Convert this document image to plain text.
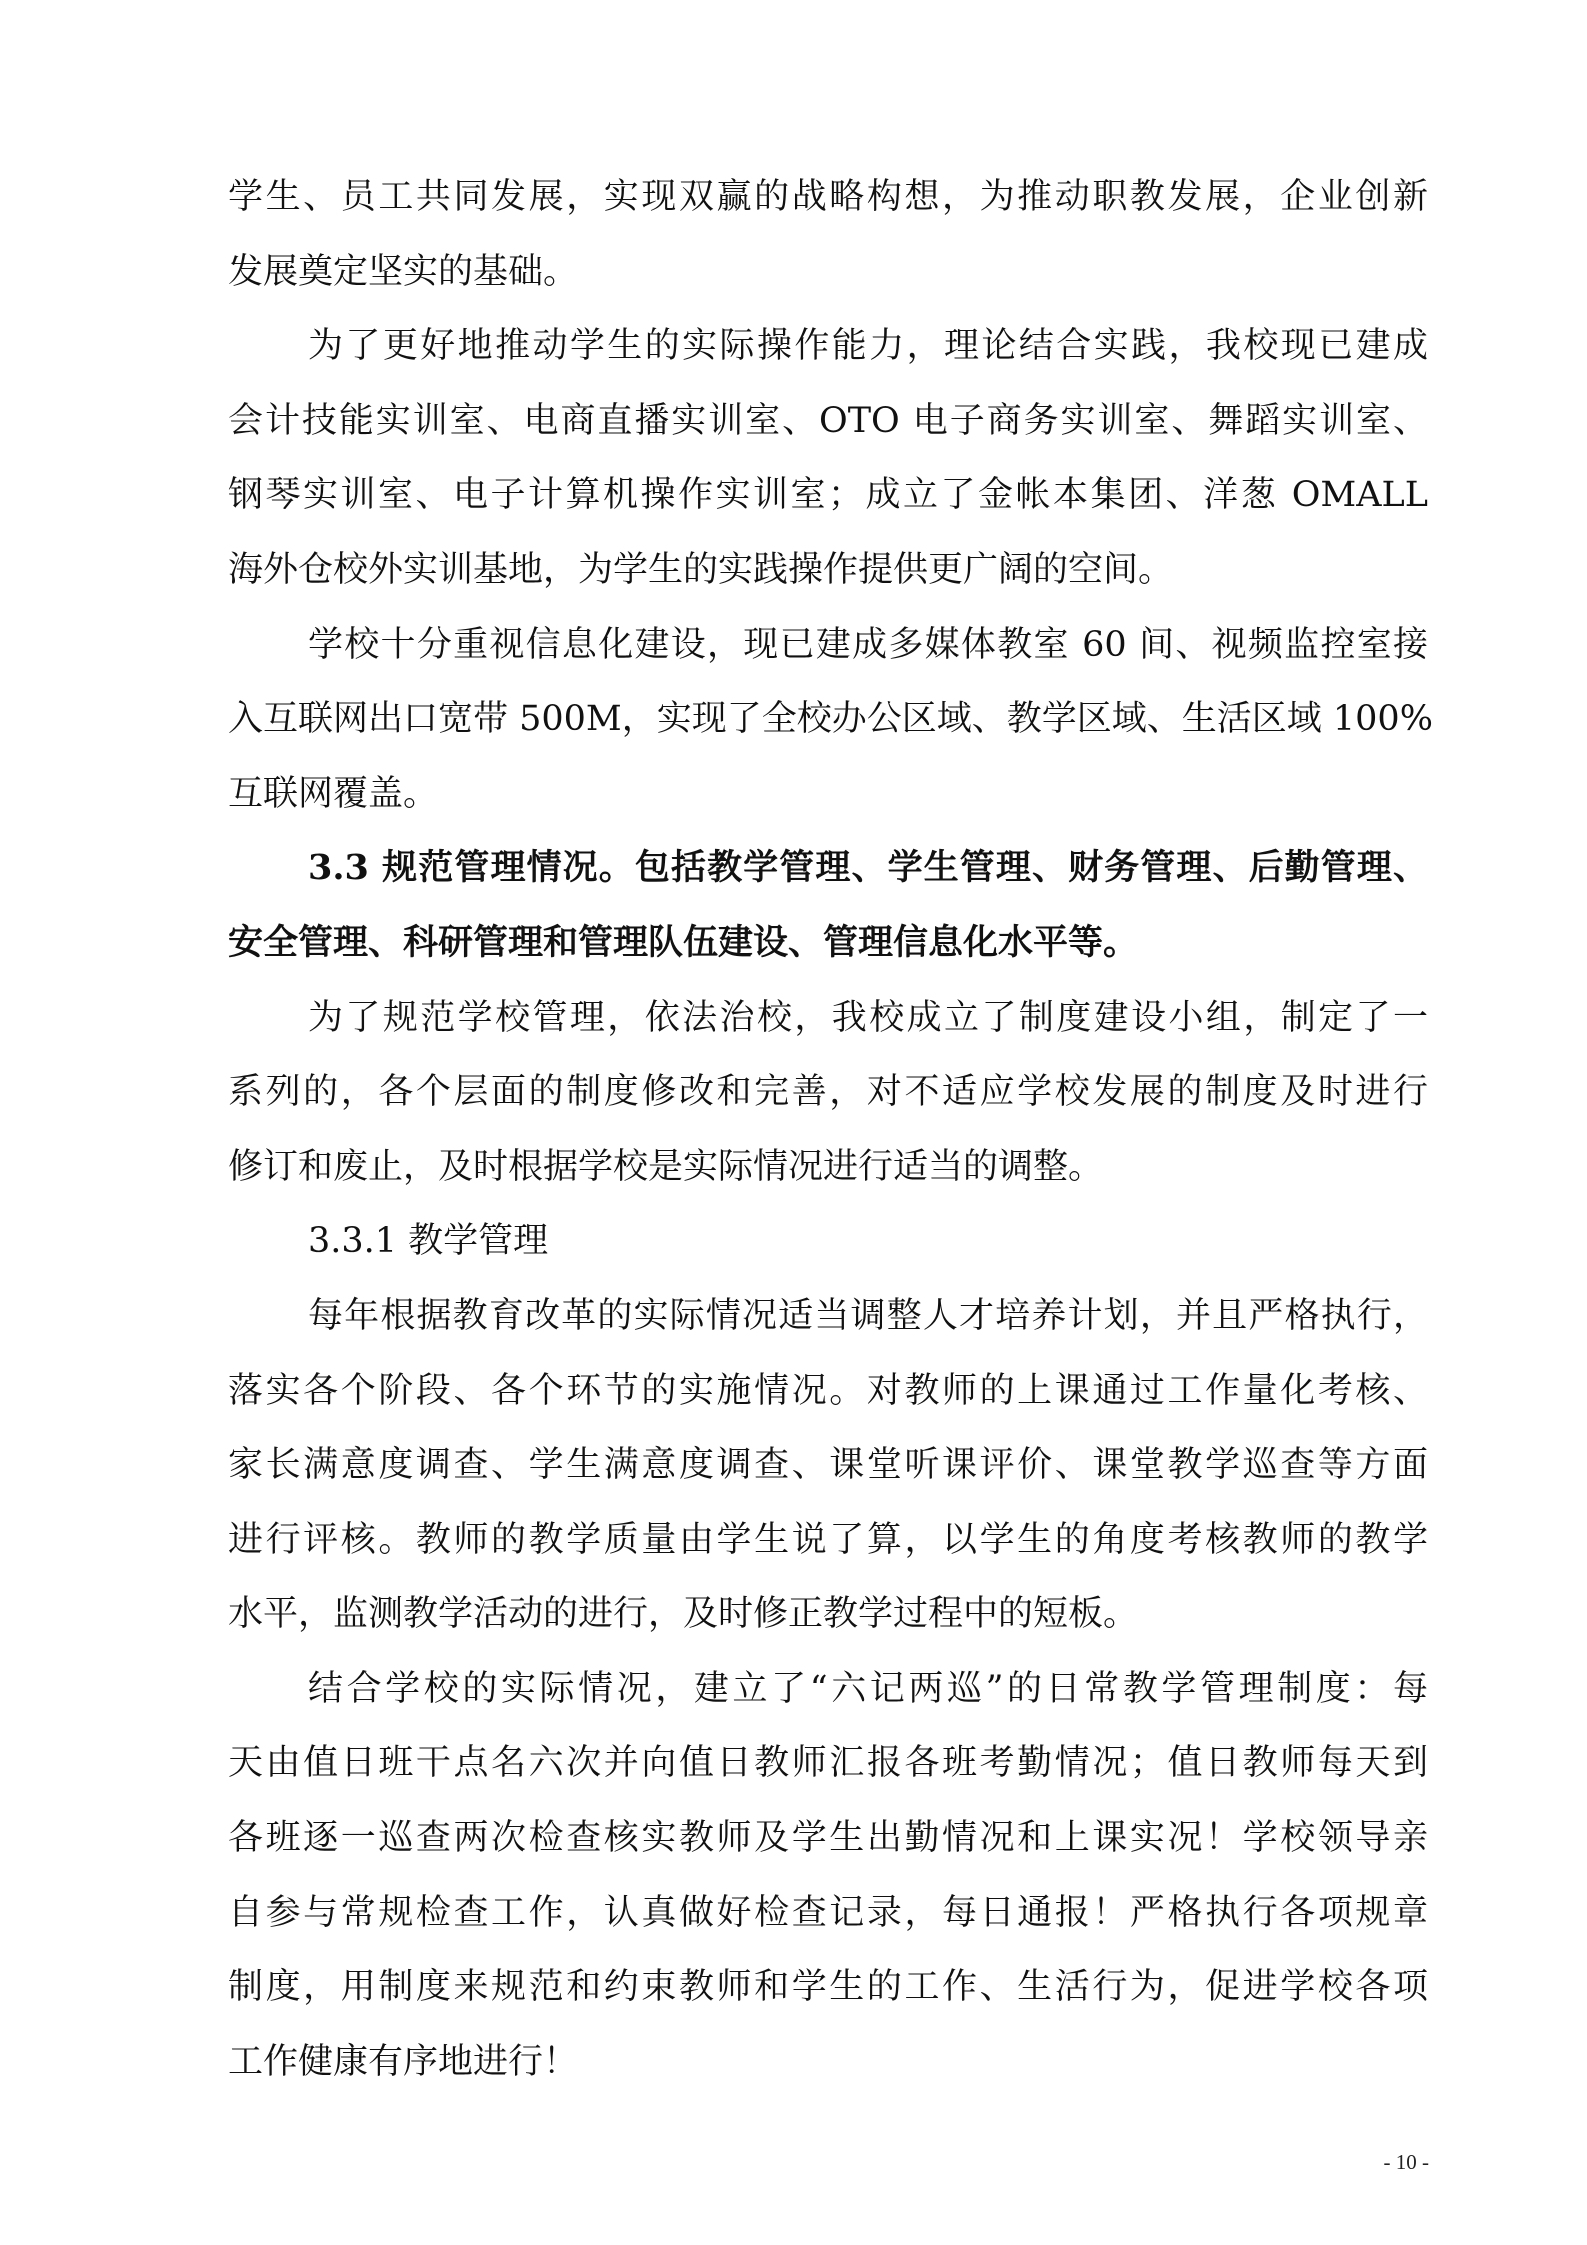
学生、员工共同发展，实现双赢的战略构想，为推动职教发展，企业创新
发展奠定坚实的基础。
为了更好地推动学生的实际操作能力，理论结合实践，我校现已建成
会计技能实训室、电商直播实训室、OTO 电子商务实训室、舞蹈实训室、
钢琴实训室、电子计算机操作实训室；成立了金帐本集团、洋葱 OMALL
海外仓校外实训基地，为学生的实践操作提供更广阔的空间。
学校十分重视信息化建设，现已建成多媒体教室 60 间、视频监控室接
入互联网出口宽带 500M，实现了全校办公区域、教学区域、生活区域 100%
互联网覆盖。
3.3 规范管理情况。包括教学管理、学生管理、财务管理、后勤管理、
安全管理、科研管理和管理队伍建设、管理信息化水平等。
为了规范学校管理，依法治校，我校成立了制度建设小组，制定了一
系列的，各个层面的制度修改和完善，对不适应学校发展的制度及时进行
修订和废止，及时根据学校是实际情况进行适当的调整。
3.3.1 教学管理
每年根据教育改革的实际情况适当调整人才培养计划，并且严格执行，
落实各个阶段、各个环节的实施情况。对教师的上课通过工作量化考核、
家长满意度调查、学生满意度调查、课堂听课评价、课堂教学巡查等方面
进行评核。教师的教学质量由学生说了算，以学生的角度考核教师的教学
水平，监测教学活动的进行，及时修正教学过程中的短板。
结合学校的实际情况，建立了“六记两巡”的日常教学管理制度：每
天由值日班干点名六次并向值日教师汇报各班考勤情况；值日教师每天到
各班逐一巡查两次检查核实教师及学生出勤情况和上课实况！学校领导亲
自参与常规检查工作，认真做好检查记录，每日通报！严格执行各项规章
制度，用制度来规范和约束教师和学生的工作、生活行为，促进学校各项
工作健康有序地进行！
- 10 -
